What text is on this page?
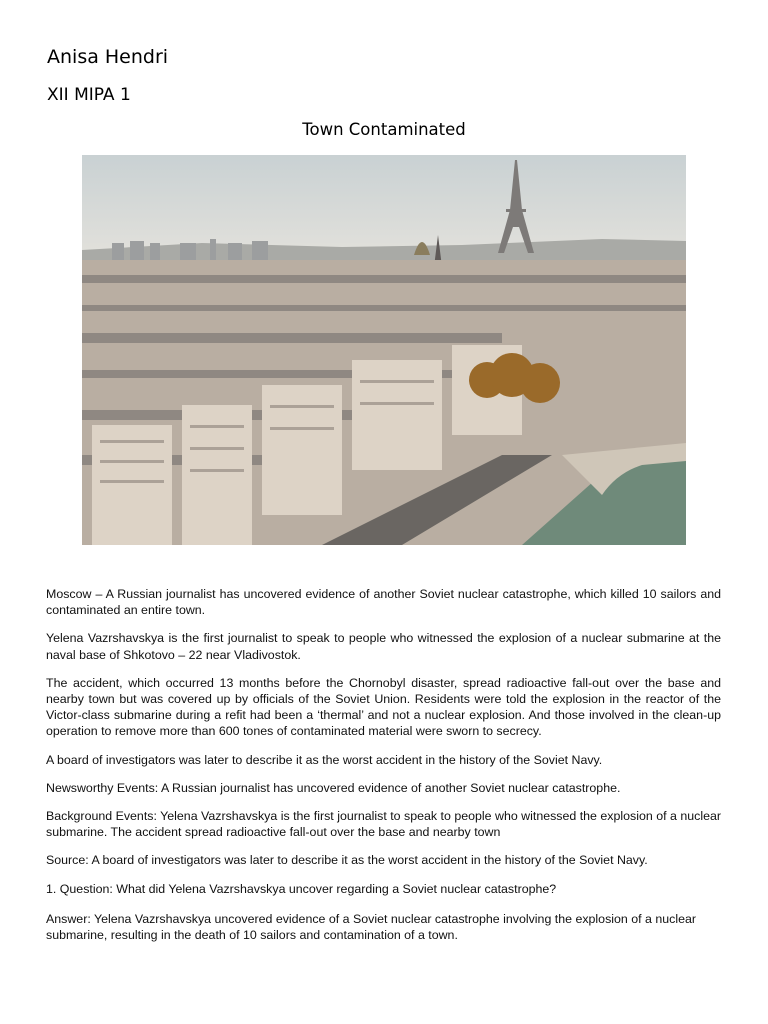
Anisa Hendri
XII MIPA 1
Town Contaminated

Moscow – A Russian journalist has uncovered evidence of another Soviet nuclear catastrophe, which killed 10 sailors and contaminated an entire town.

Yelena Vazrshavskya is the first journalist to speak to people who witnessed the explosion of a nuclear submarine at the naval base of Shkotovo – 22 near Vladivostok.

The accident, which occurred 13 months before the Chornobyl disaster, spread radioactive fall-out over the base and nearby town but was covered up by officials of the Soviet Union. Residents were told the explosion in the reactor of the Victor-class submarine during a refit had been a ‘thermal’ and not a nuclear explosion. And those involved in the clean-up operation to remove more than 600 tones of contaminated material were sworn to secrecy.

A board of investigators was later to describe it as the worst accident in the history of the Soviet Navy.

Newsworthy Events: A Russian journalist has uncovered evidence of another Soviet nuclear catastrophe.

Background Events: Yelena Vazrshavskya is the first journalist to speak to people who witnessed the explosion of a nuclear submarine. The accident spread radioactive fall-out over the base and nearby town

Source: A board of investigators was later to describe it as the worst accident in the history of the Soviet Navy.

1. Question: What did Yelena Vazrshavskya uncover regarding a Soviet nuclear catastrophe?

Answer: Yelena Vazrshavskya uncovered evidence of a Soviet nuclear catastrophe involving the explosion of a nuclear submarine, resulting in the death of 10 sailors and contamination of a town.
